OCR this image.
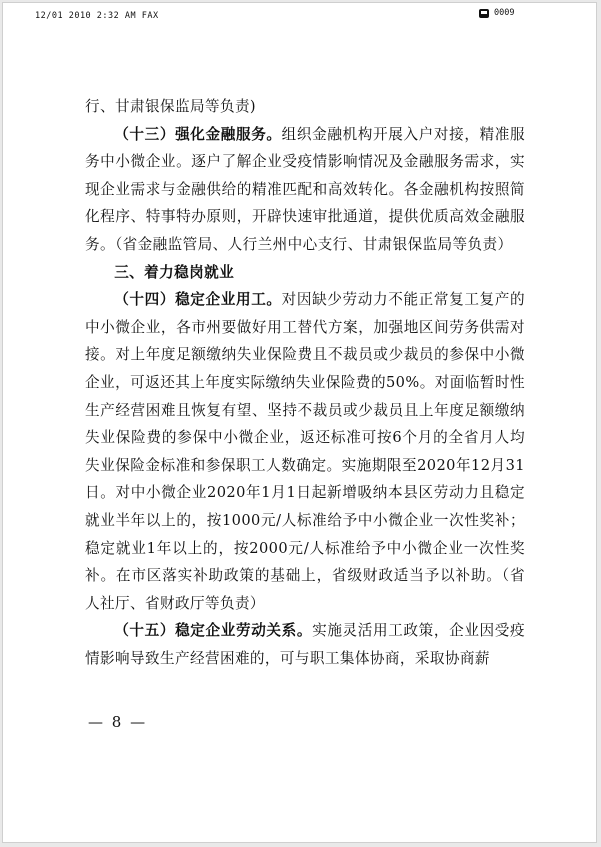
12/01 2010 2:32 AM FAX	0009

行、甘肃银保监局等负责)

（十三）强化金融服务。组织金融机构开展入户对接，精准服务中小微企业。逐户了解企业受疫情影响情况及金融服务需求，实现企业需求与金融供给的精准匹配和高效转化。各金融机构按照简化程序、特事特办原则，开辟快速审批通道，提供优质高效金融服务。（省金融监管局、人行兰州中心支行、甘肃银保监局等负责）

三、着力稳岗就业

（十四）稳定企业用工。对因缺少劳动力不能正常复工复产的中小微企业，各市州要做好用工替代方案，加强地区间劳务供需对接。对上年度足额缴纳失业保险费且不裁员或少裁员的参保中小微企业，可返还其上年度实际缴纳失业保险费的50%。对面临暂时性生产经营困难且恢复有望、坚持不裁员或少裁员且上年度足额缴纳失业保险费的参保中小微企业，返还标准可按6个月的全省月人均失业保险金标准和参保职工人数确定。实施期限至2020年12月31日。对中小微企业2020年1月1日起新增吸纳本县区劳动力且稳定就业半年以上的，按1000元/人标准给予中小微企业一次性奖补；稳定就业1年以上的，按2000元/人标准给予中小微企业一次性奖补。在市区落实补助政策的基础上，省级财政适当予以补助。（省人社厅、省财政厅等负责）

（十五）稳定企业劳动关系。实施灵活用工政策，企业因受疫情影响导致生产经营困难的，可与职工集体协商，采取协商薪

— 8 —
